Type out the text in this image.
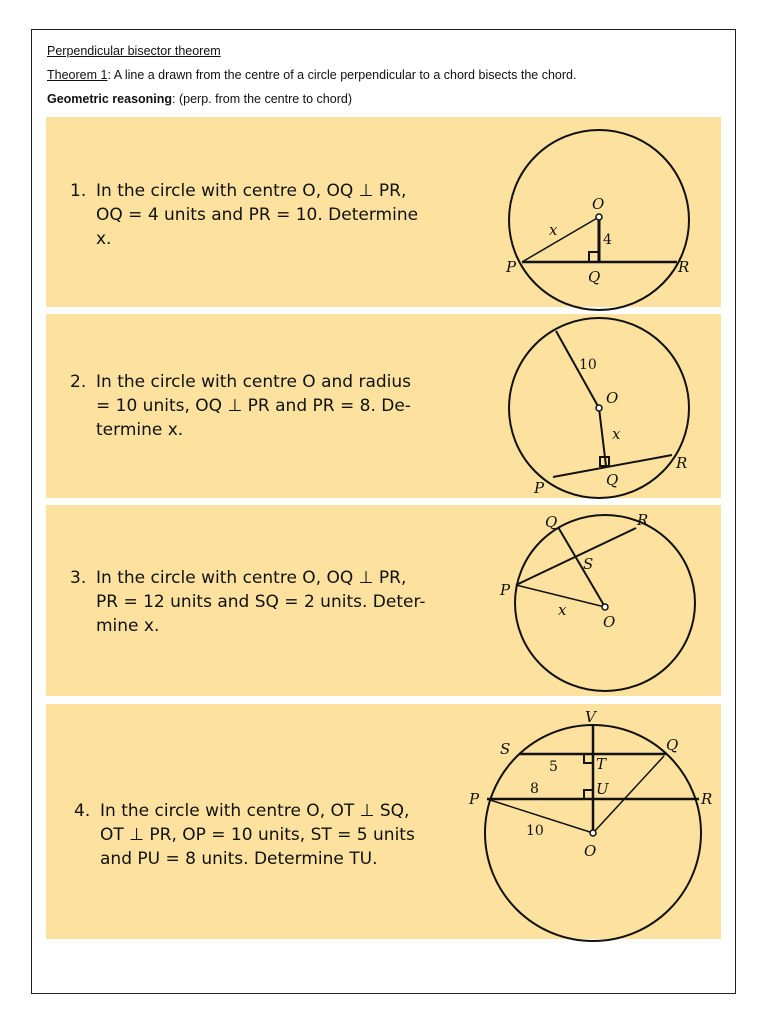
Perpendicular bisector theorem
Theorem 1: A line a drawn from the centre of a circle perpendicular to a chord bisects the chord.
Geometric reasoning: (perp. from the centre to chord)
1. In the circle with centre O, OQ ⊥ PR,
OQ = 4 units and PR = 10. Determine
x.
O
P
Q
R
x
4
2. In the circle with centre O and radius
= 10 units, OQ ⊥ PR and PR = 8. De-
termine x.
10
O
x
R
Q
P
3. In the circle with centre O, OQ ⊥ PR,
PR = 12 units and SQ = 2 units. Deter-
mine x.
Q	R
S
P
x
O
4. In the circle with centre O, OT ⊥ SQ,
OT ⊥ PR, OP = 10 units, ST = 5 units
and PU = 8 units. Determine TU.
V
S	Q
5	T
8	U
P	R
10
O
